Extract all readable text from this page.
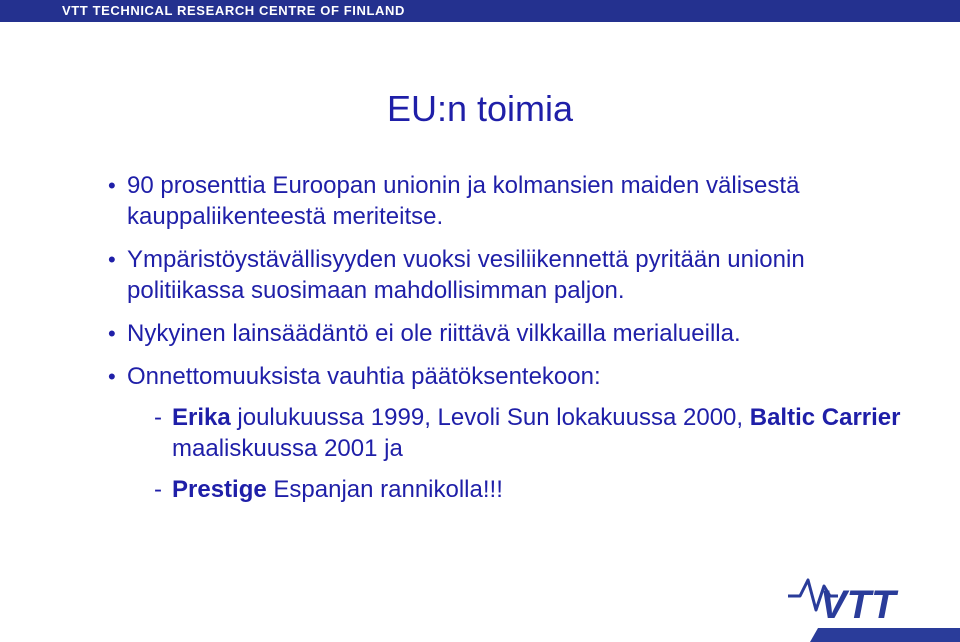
VTT TECHNICAL RESEARCH CENTRE OF FINLAND
EU:n toimia
• 90 prosenttia Euroopan unionin ja kolmansien maiden välisestä kauppaliikenteestä meriteitse.
• Ympäristöystävällisyyden vuoksi vesiliikennettä pyritään unionin politiikassa suosimaan mahdollisimman paljon.
• Nykyinen lainsäädäntö ei ole riittävä vilkkailla merialueilla.
• Onnettomuuksista vauhtia päätöksentekoon:
- Erika joulukuussa 1999, Levoli Sun lokakuussa 2000, Baltic Carrier maaliskuussa 2001 ja
- Prestige Espanjan rannikolla!!!
VTT
